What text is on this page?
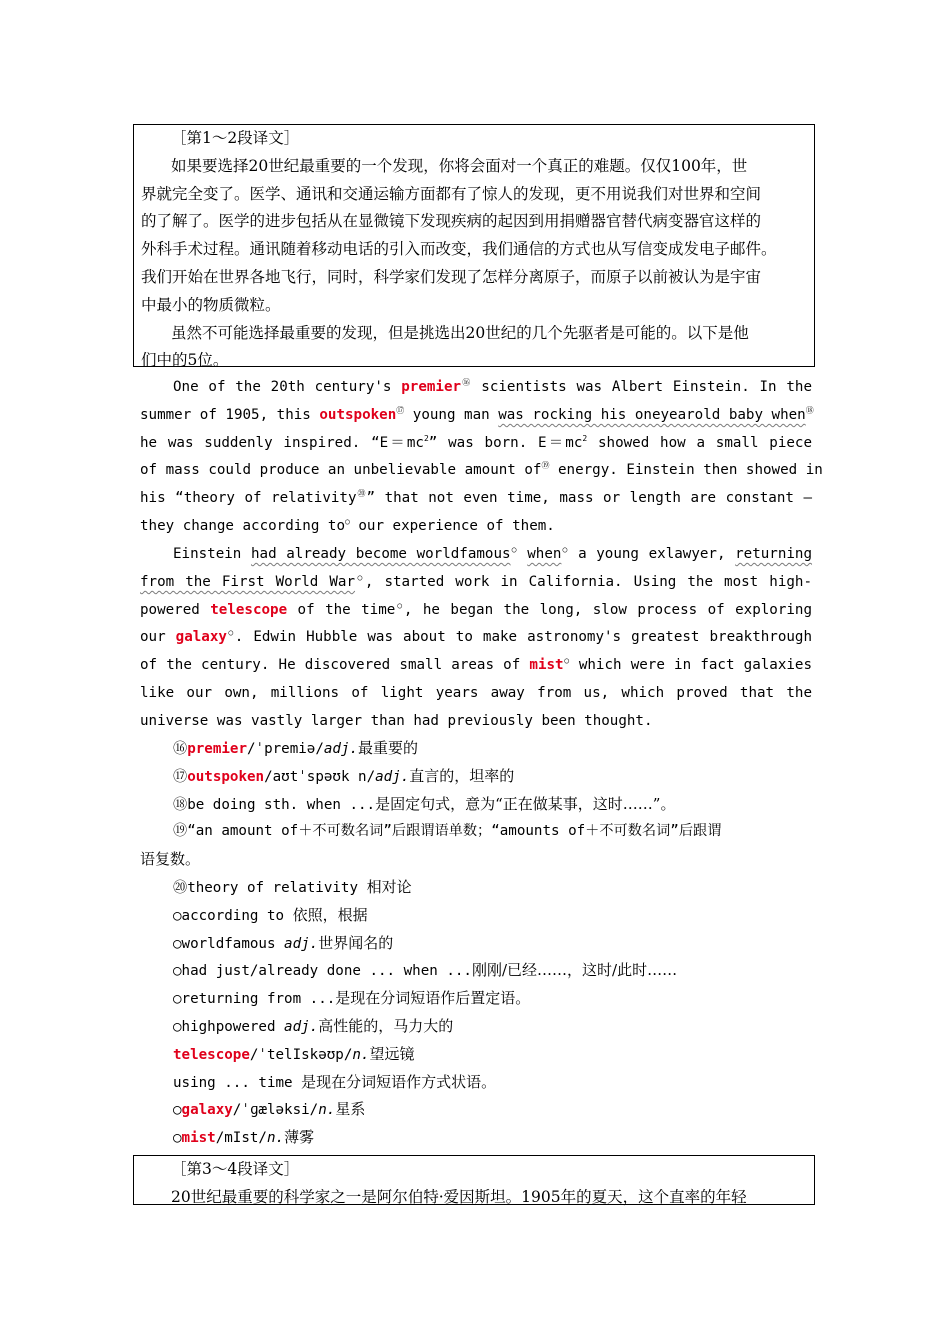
［第1～2段译文］
如果要选择20世纪最重要的一个发现，你将会面对一个真正的难题。仅仅100年，世
界就完全变了。医学、通讯和交通运输方面都有了惊人的发现，更不用说我们对世界和空间
的了解了。医学的进步包括从在显微镜下发现疾病的起因到用捐赠器官替代病变器官这样的
外科手术过程。通讯随着移动电话的引入而改变，我们通信的方式也从写信变成发电子邮件。
我们开始在世界各地飞行，同时，科学家们发现了怎样分离原子，而原子以前被认为是宇宙
中最小的物质微粒。
虽然不可能选择最重要的发现，但是挑选出20世纪的几个先驱者是可能的。以下是他
们中的5位。
One of the 20th century's premier⑯ scientists was Albert Einstein. In the
summer of 1905, this outspoken⑰ young man was rocking his oneyearold baby when⑱
he was suddenly inspired. “$E=mc^2$” was born. $E=mc^2$ showed how a small piece
of mass could produce an unbelievable amount of⑲ energy. Einstein then showed in
his “theory of relativity⑳” that not even time, mass or length are constant —
they change according to○ our experience of them.
Einstein had already become worldfamous○ when○ a young exlawyer, returning
from the First World War○, started work in California. Using the most high-
powered telescope of the time○, he began the long, slow process of exploring
our galaxy○. Edwin Hubble was about to make astronomy's greatest breakthrough
of the century. He discovered small areas of mist○ which were in fact galaxies
like our own, millions of light years away from us, which proved that the
universe was vastly larger than had previously been thought.
⑯premier/ˈpremiə/adj.最重要的
⑰outspoken/aʊtˈspəʊk n/adj.直言的，坦率的
⑱be doing sth. when ...是固定句式，意为“正在做某事，这时……”。
⑲“an amount of＋不可数名词”后跟谓语单数；“amounts of＋不可数名词”后跟谓
语复数。
⑳theory of relativity 相对论
○according to 依照，根据
○worldfamous adj.世界闻名的
○had just/already done ... when ...刚刚/已经……，这时/此时……
○returning from ...是现在分词短语作后置定语。
○highpowered adj.高性能的，马力大的
telescope/ˈtelIskəʊp/n.望远镜
using ... time 是现在分词短语作方式状语。
○galaxy/ˈɡæləksi/n.星系
○mist/mIst/n.薄雾
［第3～4段译文］
20世纪最重要的科学家之一是阿尔伯特·爱因斯坦。1905年的夏天，这个直率的年轻
